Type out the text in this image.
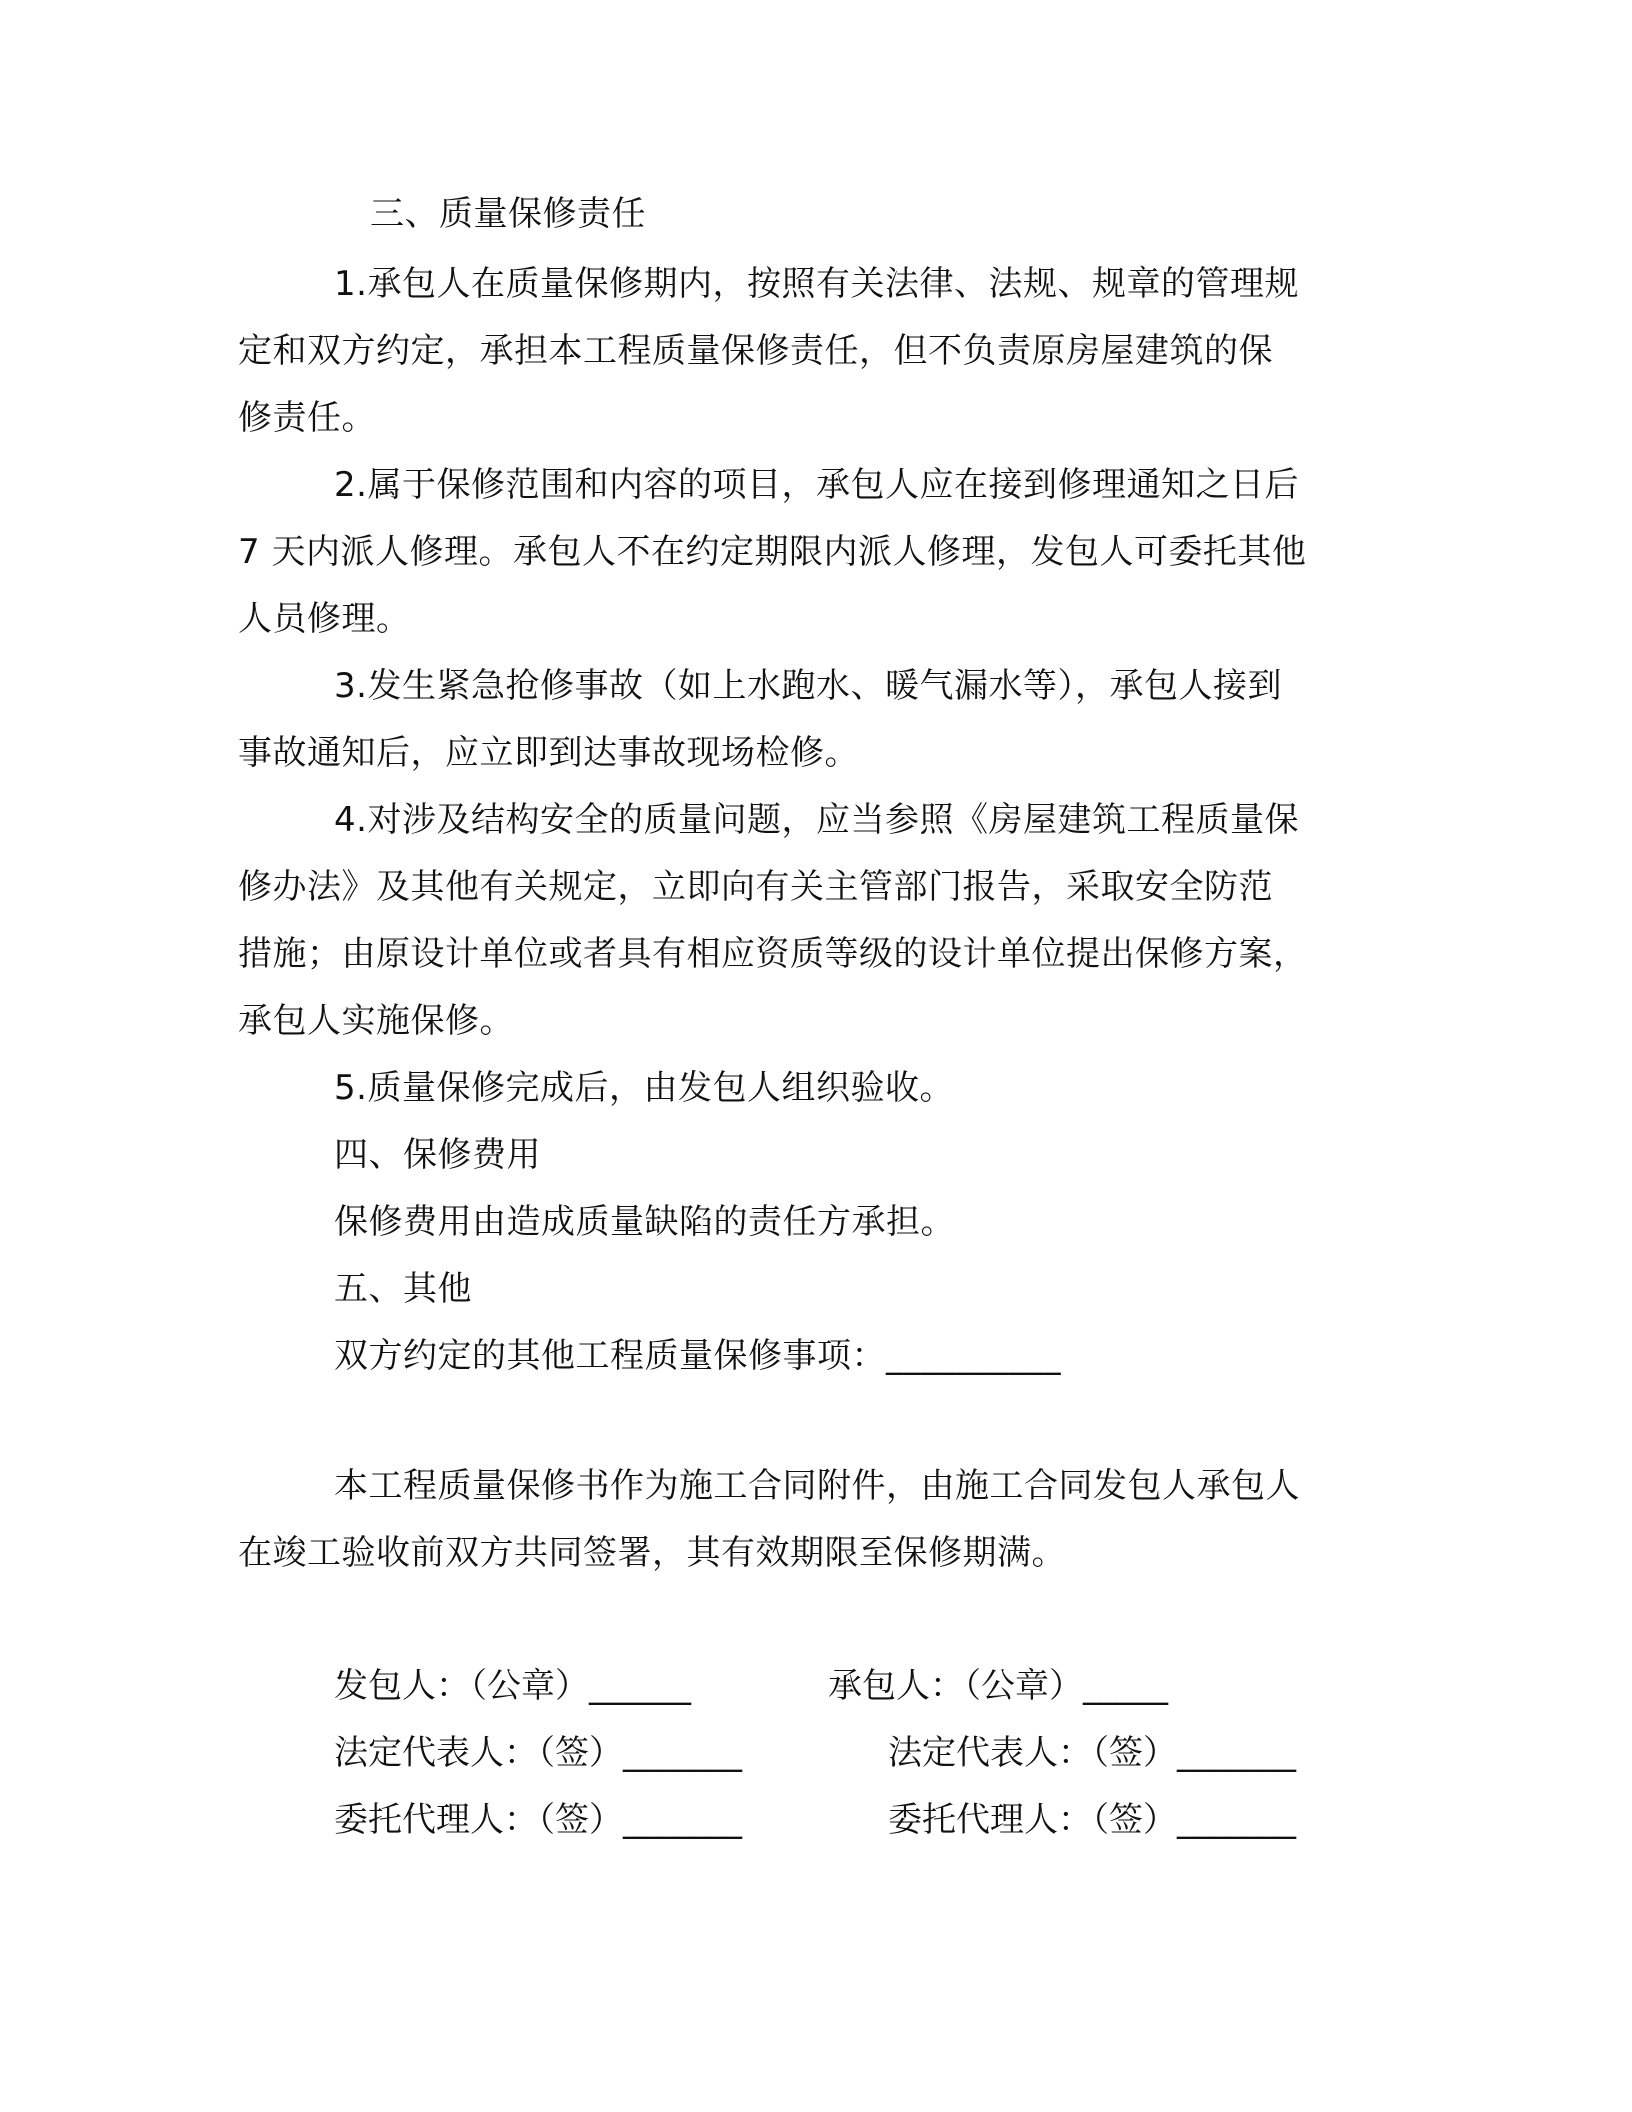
三、质量保修责任
1.承包人在质量保修期内，按照有关法律、法规、规章的管理规
定和双方约定，承担本工程质量保修责任，但不负责原房屋建筑的保
修责任。
2.属于保修范围和内容的项目，承包人应在接到修理通知之日后
7 天内派人修理。承包人不在约定期限内派人修理，发包人可委托其他
人员修理。
3.发生紧急抢修事故（如上水跑水、暖气漏水等），承包人接到
事故通知后，应立即到达事故现场检修。
4.对涉及结构安全的质量问题，应当参照《房屋建筑工程质量保
修办法》及其他有关规定，立即向有关主管部门报告，采取安全防范
措施；由原设计单位或者具有相应资质等级的设计单位提出保修方案，
承包人实施保修。
5.质量保修完成后，由发包人组织验收。
四、保修费用
保修费用由造成质量缺陷的责任方承担。
五、其他
双方约定的其他工程质量保修事项：__________
本工程质量保修书作为施工合同附件，由施工合同发包人承包人
在竣工验收前双方共同签署，其有效期限至保修期满。
发包人：（公章）______	承包人：（公章）_____
法定代表人：（签）_______	法定代表人：（签）_______
委托代理人：（签）_______	委托代理人：（签）_______
